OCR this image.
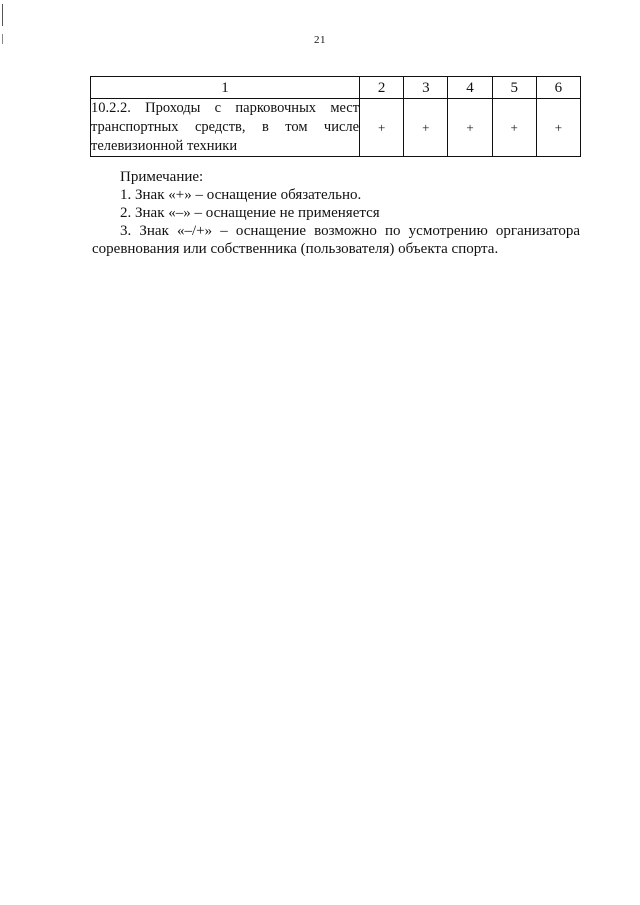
21
1	2	3	4	5	6
10.2.2. Проходы с парковочных мест транспортных средств, в том числе телевизионной техники	+	+	+	+	+

Примечание:

1. Знак «+» – оснащение обязательно.

2. Знак «–» – оснащение не применяется

3. Знак «–/+» – оснащение возможно по усмотрению организатора соревнования или собственника (пользователя) объекта спорта.
